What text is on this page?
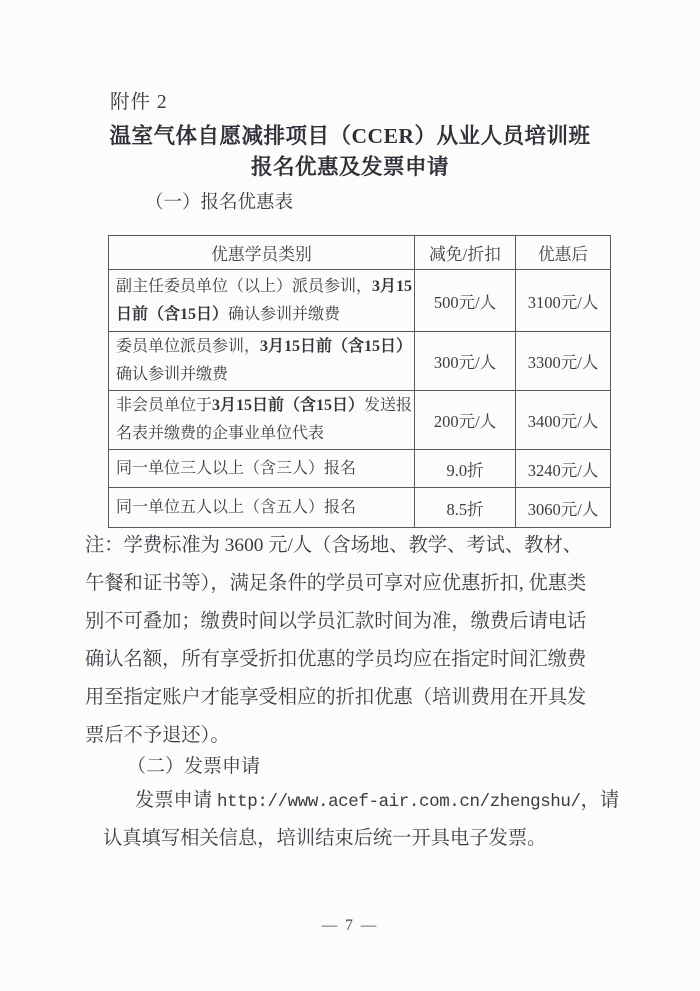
附件 2
温室气体自愿减排项目（CCER）从业人员培训班
报名优惠及发票申请
（一）报名优惠表
优惠学员类别	减免/折扣	优惠后
副主任委员单位（以上）派员参训，3月15日前（含15日）确认参训并缴费	500元/人	3100元/人
委员单位派员参训，3月15日前（含15日）确认参训并缴费	300元/人	3300元/人
非会员单位于3月15日前（含15日）发送报名表并缴费的企事业单位代表	200元/人	3400元/人
同一单位三人以上（含三人）报名	9.0折	3240元/人
同一单位五人以上（含五人）报名	8.5折	3060元/人
注：学费标准为 3600 元/人（含场地、教学、考试、教材、
午餐和证书等），满足条件的学员可享对应优惠折扣, 优惠类
别不可叠加；缴费时间以学员汇款时间为准，缴费后请电话
确认名额，所有享受折扣优惠的学员均应在指定时间汇缴费
用至指定账户才能享受相应的折扣优惠（培训费用在开具发
票后不予退还）。
（二）发票申请
发票申请 http://www.acef-air.com.cn/zhengshu/，请
认真填写相关信息，培训结束后统一开具电子发票。
— 7 —
